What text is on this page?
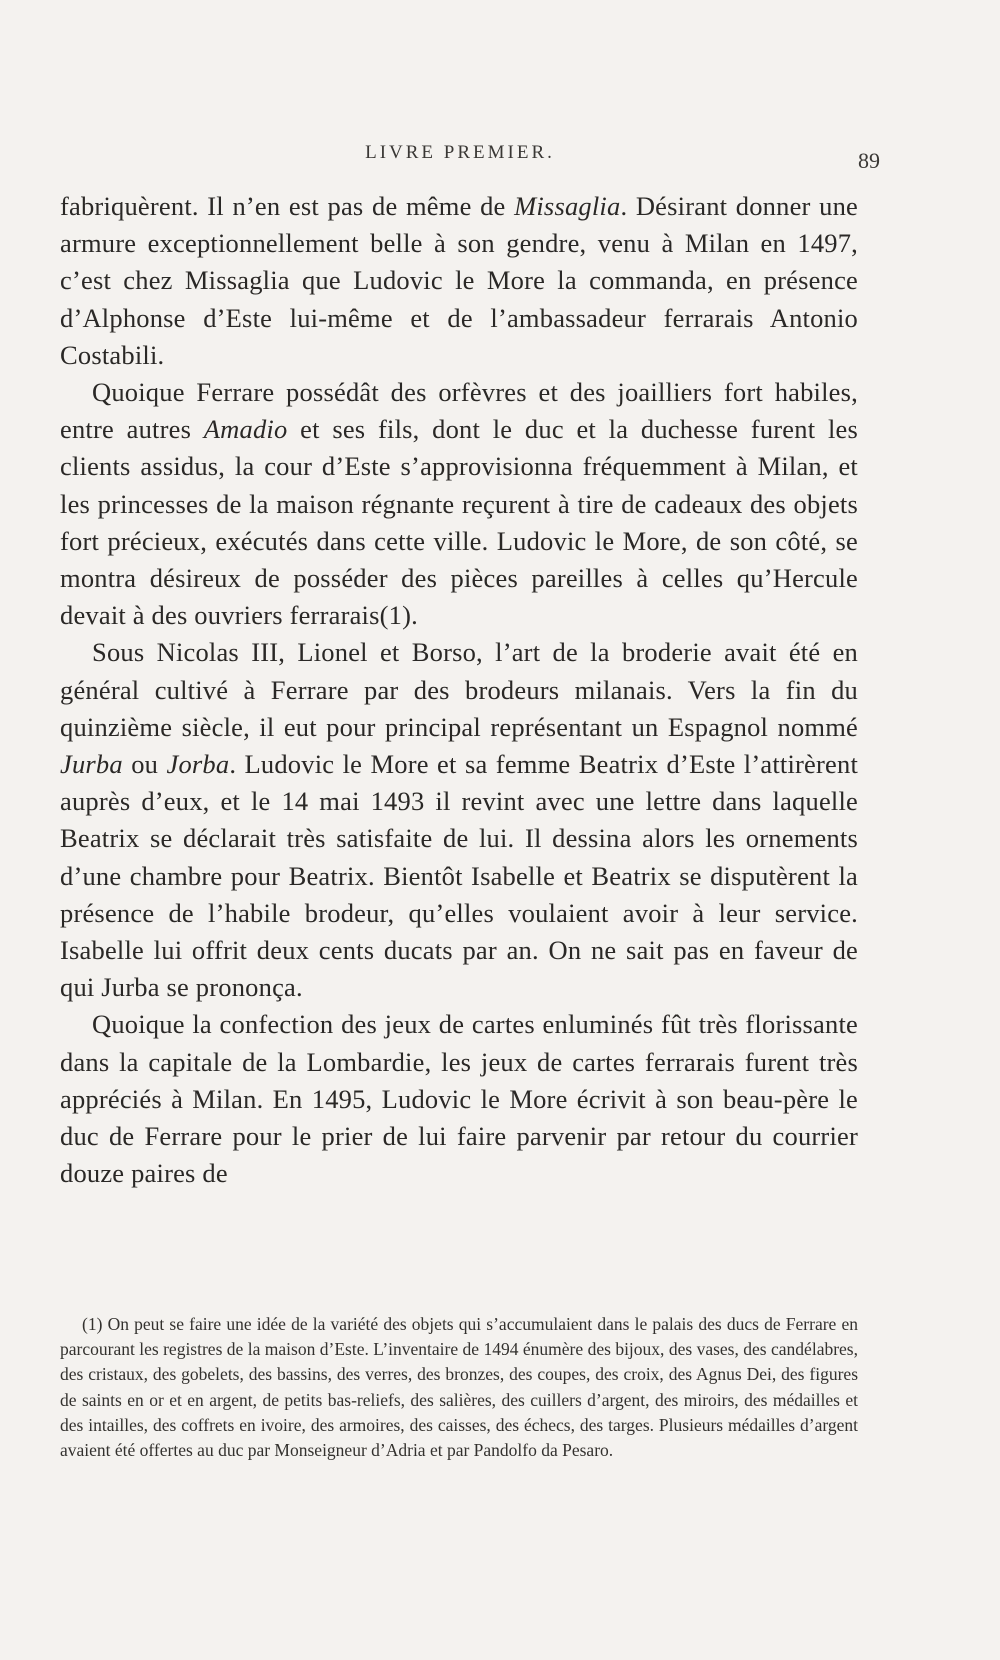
LIVRE PREMIER.	89

fabriquèrent. Il n’en est pas de même de Missaglia. Désirant donner une armure exceptionnellement belle à son gendre, venu à Milan en 1497, c’est chez Missaglia que Ludovic le More la commanda, en présence d’Alphonse d’Este lui-même et de l’ambassadeur ferrarais Antonio Costabili.

Quoique Ferrare possédât des orfèvres et des joailliers fort habiles, entre autres Amadio et ses fils, dont le duc et la duchesse furent les clients assidus, la cour d’Este s’approvisionna fréquemment à Milan, et les princesses de la maison régnante reçurent à tire de cadeaux des objets fort précieux, exécutés dans cette ville. Ludovic le More, de son côté, se montra désireux de posséder des pièces pareilles à celles qu’Hercule devait à des ouvriers ferrarais(1).

Sous Nicolas III, Lionel et Borso, l’art de la broderie avait été en général cultivé à Ferrare par des brodeurs milanais. Vers la fin du quinzième siècle, il eut pour principal représentant un Espagnol nommé Jurba ou Jorba. Ludovic le More et sa femme Beatrix d’Este l’attirèrent auprès d’eux, et le 14 mai 1493 il revint avec une lettre dans laquelle Beatrix se déclarait très satisfaite de lui. Il dessina alors les ornements d’une chambre pour Beatrix. Bientôt Isabelle et Beatrix se disputèrent la présence de l’habile brodeur, qu’elles voulaient avoir à leur service. Isabelle lui offrit deux cents ducats par an. On ne sait pas en faveur de qui Jurba se prononça.

Quoique la confection des jeux de cartes enluminés fût très florissante dans la capitale de la Lombardie, les jeux de cartes ferrarais furent très appréciés à Milan. En 1495, Ludovic le More écrivit à son beau-père le duc de Ferrare pour le prier de lui faire parvenir par retour du courrier douze paires de

(1) On peut se faire une idée de la variété des objets qui s’accumulaient dans le palais des ducs de Ferrare en parcourant les registres de la maison d’Este. L’inventaire de 1494 énumère des bijoux, des vases, des candélabres, des cristaux, des gobelets, des bassins, des verres, des bronzes, des coupes, des croix, des Agnus Dei, des figures de saints en or et en argent, de petits bas-reliefs, des salières, des cuillers d’argent, des miroirs, des médailles et des intailles, des coffrets en ivoire, des armoires, des caisses, des échecs, des targes. Plusieurs médailles d’argent avaient été offertes au duc par Monseigneur d’Adria et par Pandolfo da Pesaro.
